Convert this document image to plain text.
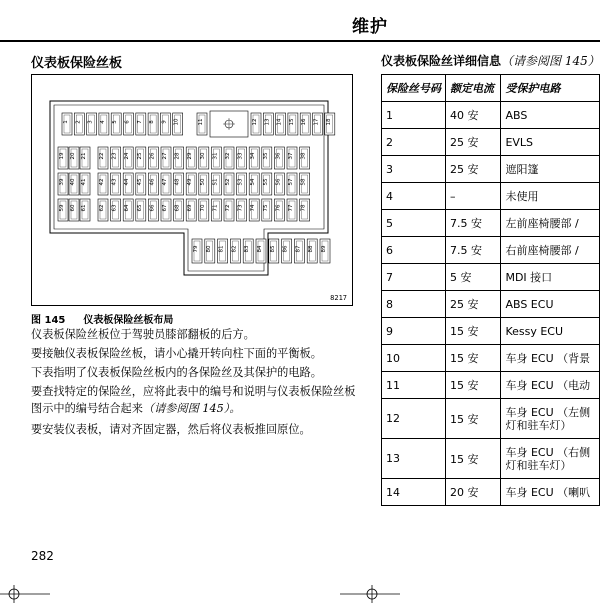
维护
仪表板保险丝板
1 2 3 4 5 6 7 8 9 10	11	12 13 14 15 16 17 18
19 20 21 22 23 24 25 26 27 28 29 30 31 32 33 34 35 36 37 38
39 40 41 42 43 44 45 46 47 48 49 50 51 52 53 54 55 56 57 58
59 60 61 62 63 64 65 66 67 68 69 70 71 72 73 74 75 76 77 78
79 80 81 82 83 84 85 86 87 88 89
8217
图 145 仪表板保险丝板布局
仪表板保险丝板位于驾驶员膝部翻板的后方。
要接触仪表板保险丝板，请小心撬开转向柱下面的平衡板。
下表指明了仪表板保险丝板内的各保险丝及其保护的电路。
要查找特定的保险丝，应将此表中的编号和说明与仪表板保险丝板图示中的编号结合起来（请参阅图 145）。
要安装仪表板，请对齐固定器，然后将仪表板推回原位。
仪表板保险丝详细信息（请参阅图 145）
保险丝号码	额定电流	受保护电路
1	40 安	ABS
2	25 安	EVLS
3	25 安	遮阳篷
4	–	未使用
5	7.5 安	左前座椅腰部 /
6	7.5 安	右前座椅腰部 /
7	5 安	MDI 接口
8	25 安	ABS ECU
9	15 安	Kessy ECU
10	15 安	车身 ECU （背景
11	15 安	车身 ECU （电动
12	15 安	车身 ECU （左侧 灯和驻车灯）
13	15 安	车身 ECU （右侧 灯和驻车灯）
14	20 安	车身 ECU （喇叭
282
